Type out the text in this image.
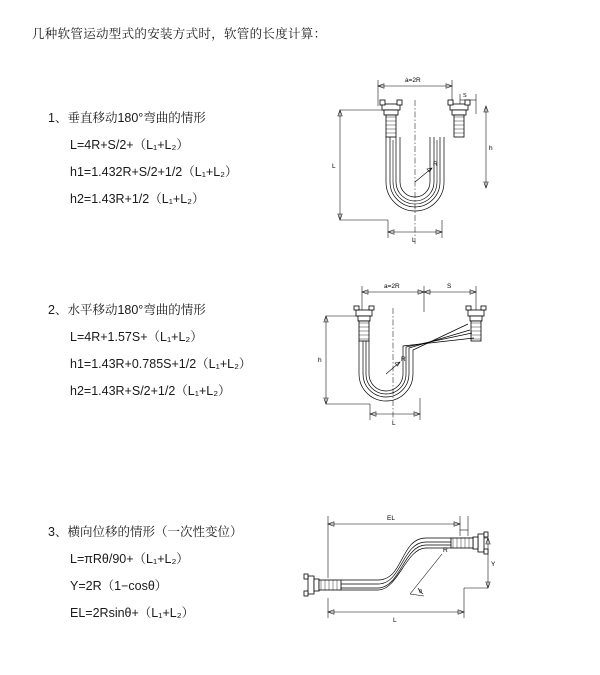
几种软管运动型式的安装方式时，软管的长度计算：

1、垂直移动180°弯曲的情形

L=4R+S/2+（L₁+L₂）

h1=1.432R+S/2+1/2（L₁+L₂）

h2=1.43R+1/2（L₁+L₂）

a=2R
h
S
L	R
L

2、水平移动180°弯曲的情形

L=4R+1.57S+（L₁+L₂）

h1=1.43R+0.785S+1/2（L₁+L₂）

h2=1.43R+S/2+1/2（L₁+L₂）

a=2R	S
h	R
L

3、横向位移的情形（一次性变位）

L=πRθ/90+（L₁+L₂）

Y=2R（1−cosθ）

EL=2Rsinθ+（L₁+L₂）

EL
Y
θ
R
L
